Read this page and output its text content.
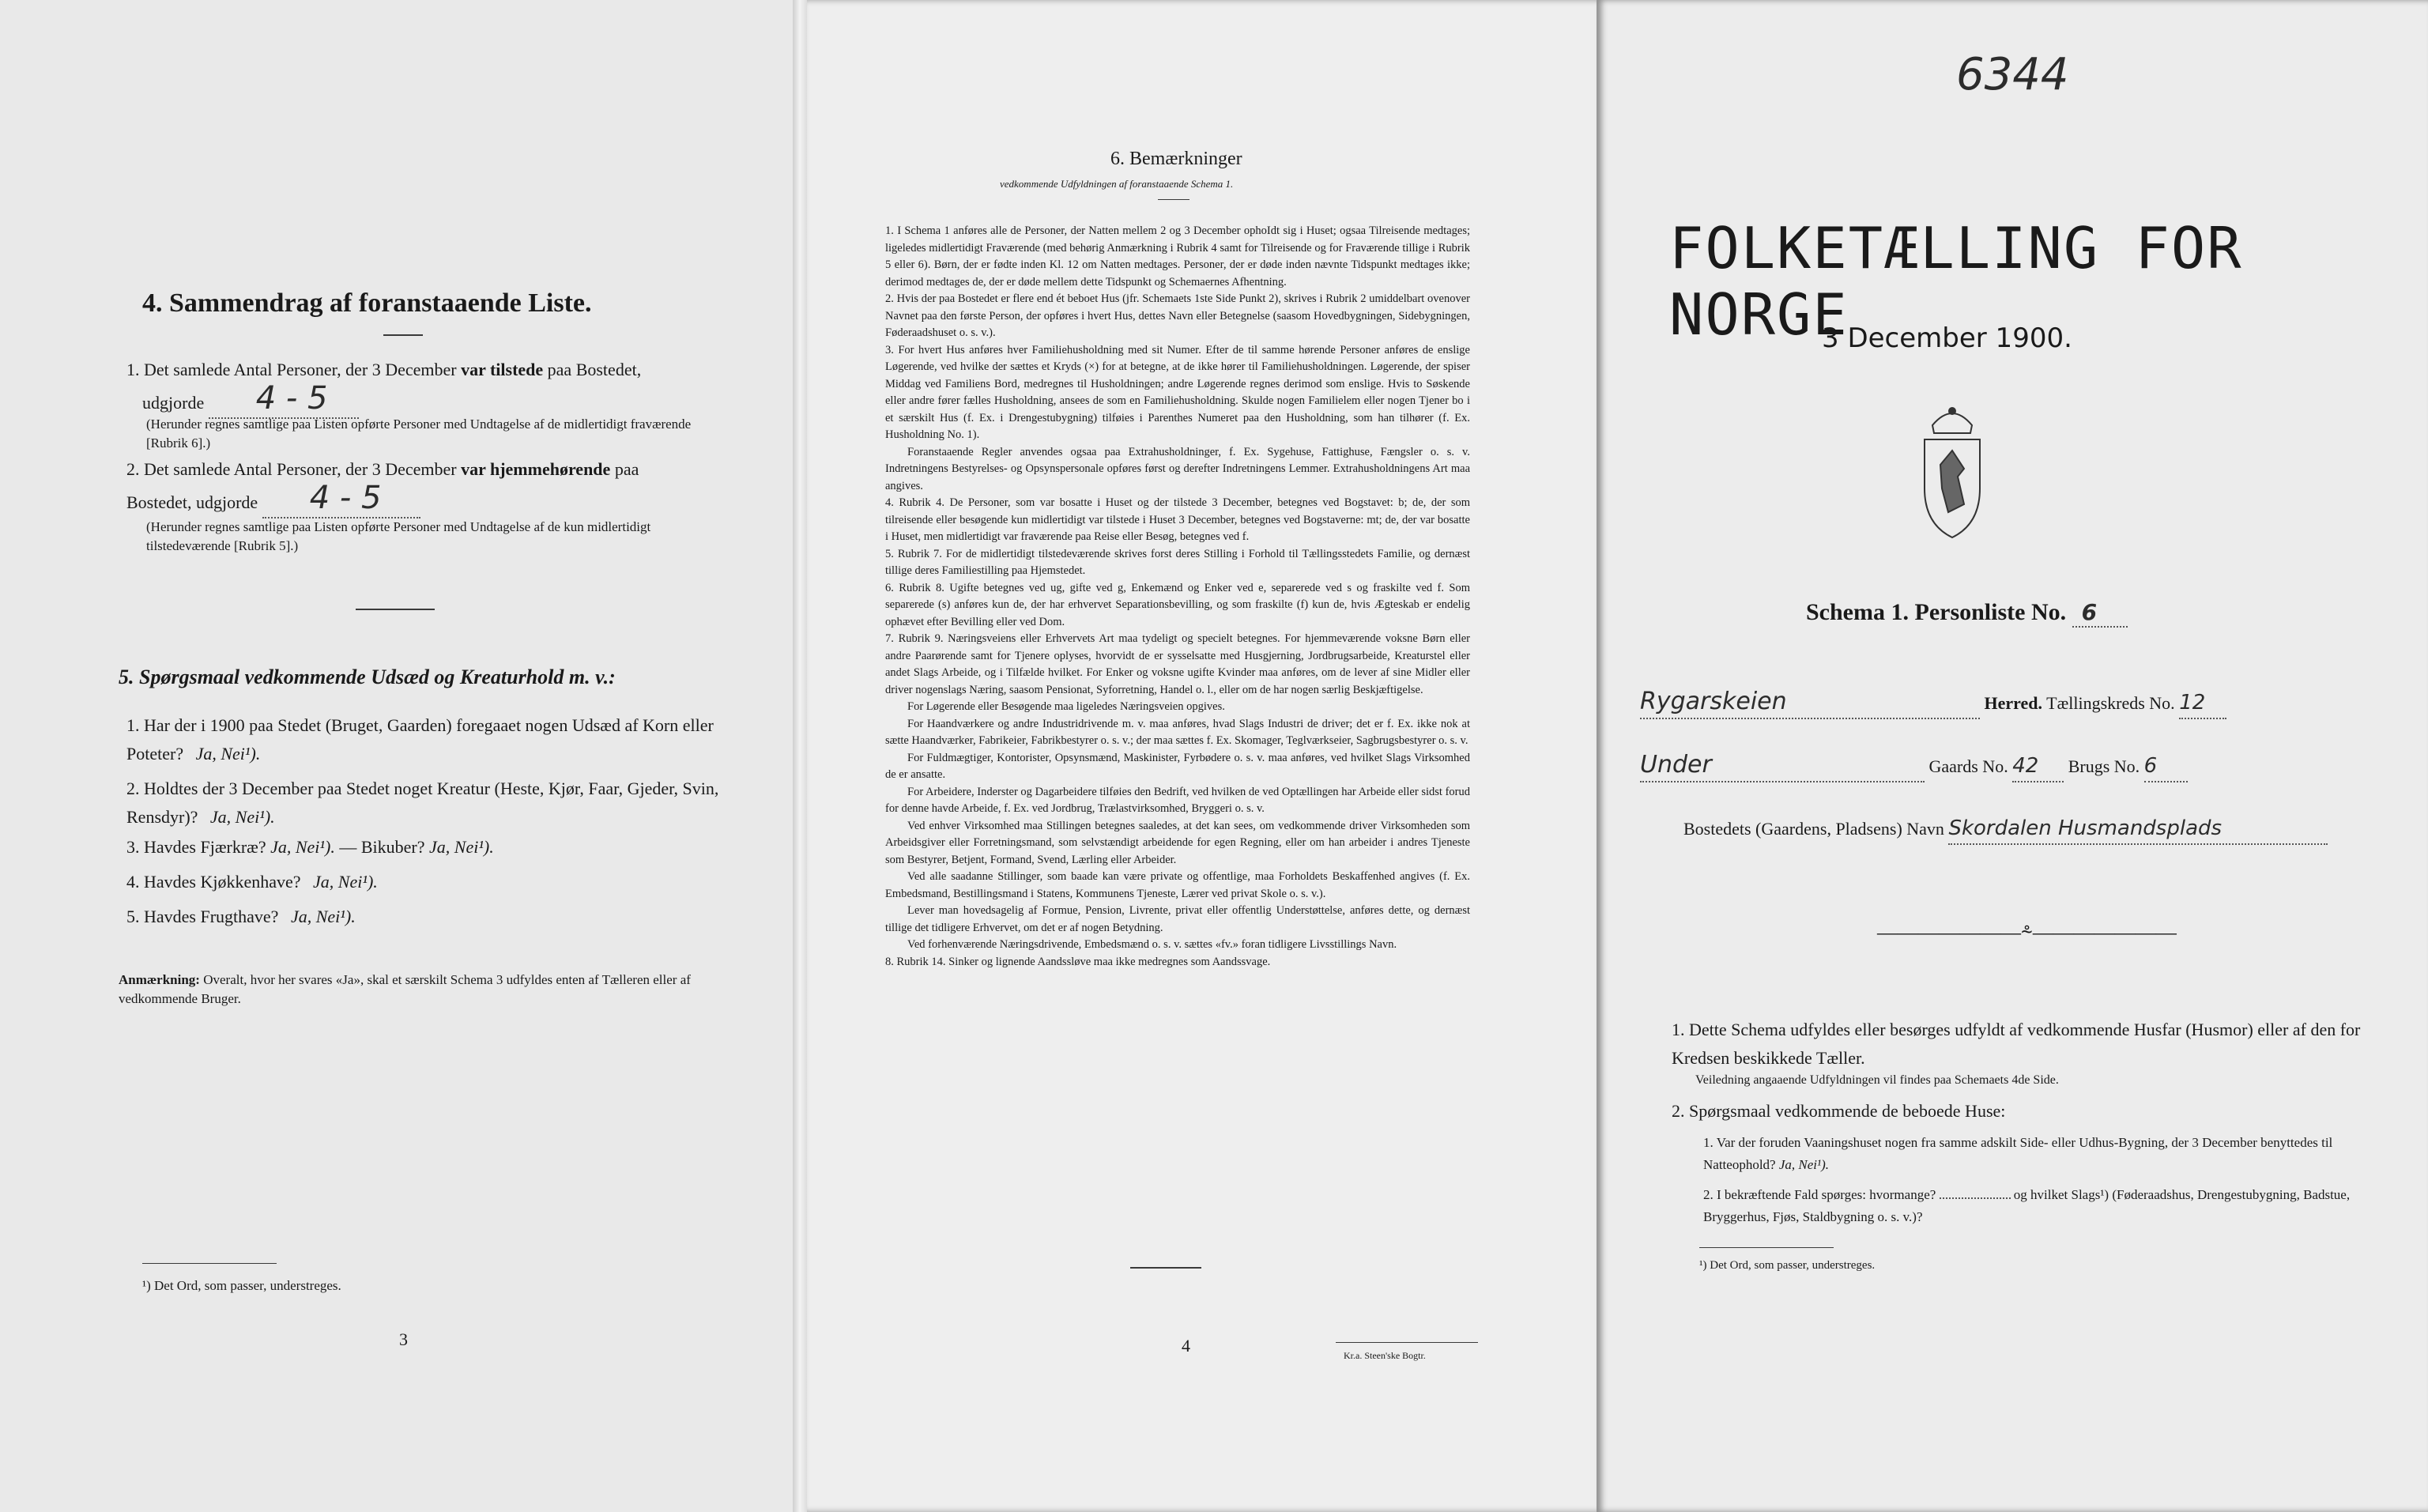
4. Sammendrag af foranstaaende Liste.
1. Det samlede Antal Personer, der 3 December var tilstede paa Bostedet,
udgjorde 4 - 5
(Herunder regnes samtlige paa Listen opførte Personer med Undtagelse af de midlertidigt fraværende [Rubrik 6].)
2. Det samlede Antal Personer, der 3 December var hjemmehørende paa
Bostedet, udgjorde 4 - 5
(Herunder regnes samtlige paa Listen opførte Personer med Undtagelse af de kun midlertidigt tilstedeværende [Rubrik 5].)
5. Spørgsmaal vedkommende Udsæd og Kreaturhold m. v.:
1. Har der i 1900 paa Stedet (Bruget, Gaarden) foregaaet nogen Udsæd af Korn eller Poteter? Ja, Nei¹).
2. Holdtes der 3 December paa Stedet noget Kreatur (Heste, Kjør, Faar, Gjeder, Svin, Rensdyr)? Ja, Nei¹).
3. Havdes Fjærkræ? Ja, Nei¹). — Bikuber? Ja, Nei¹).
4. Havdes Kjøkkenhave? Ja, Nei¹).
5. Havdes Frugthave? Ja, Nei¹).
Anmærkning: Overalt, hvor her svares «Ja», skal et særskilt Schema 3 udfyldes enten af Tælleren eller af vedkommende Bruger.
¹) Det Ord, som passer, understreges.
3
6. Bemærkninger
vedkommende Udfyldningen af foranstaaende Schema 1.

1. I Schema 1 anføres alle de Personer, der Natten mellem 2 og 3 December ophoIdt sig i Huset; ogsaa Tilreisende medtages; ligeledes midlertidigt Fraværende (med behørig Anmærkning i Rubrik 4 samt for Tilreisende og for Fraværende tillige i Rubrik 5 eller 6). Børn, der er fødte inden Kl. 12 om Natten medtages. Personer, der er døde inden nævnte Tidspunkt medtages ikke; derimod medtages de, der er døde mellem dette Tidspunkt og Schemaernes Afhentning.

2. Hvis der paa Bostedet er flere end ét beboet Hus (jfr. Schemaets 1ste Side Punkt 2), skrives i Rubrik 2 umiddelbart ovenover Navnet paa den første Person, der opføres i hvert Hus, dettes Navn eller Betegnelse (saasom Hovedbygningen, Sidebygningen, Føderaadshuset o. s. v.).

3. For hvert Hus anføres hver Familiehusholdning med sit Numer. Efter de til samme hørende Personer anføres de enslige Løgerende, ved hvilke der sættes et Kryds (×) for at betegne, at de ikke hører til Familiehusholdningen. Løgerende, der spiser Middag ved Familiens Bord, medregnes til Husholdningen; andre Løgerende regnes derimod som enslige. Hvis to Søskende eller andre fører fælles Husholdning, ansees de som en Familiehusholdning. Skulde nogen Familielem eller nogen Tjener bo i et særskilt Hus (f. Ex. i Drengestubygning) tilføies i Parenthes Numeret paa den Husholdning, som han tilhører (f. Ex. Husholdning No. 1).

Foranstaaende Regler anvendes ogsaa paa Extrahusholdninger, f. Ex. Sygehuse, Fattighuse, Fængsler o. s. v. Indretningens Bestyrelses- og Opsynspersonale opføres først og derefter Indretningens Lemmer. Extrahusholdningens Art maa angives.

4. Rubrik 4. De Personer, som var bosatte i Huset og der tilstede 3 December, betegnes ved Bogstavet: b; de, der som tilreisende eller besøgende kun midlertidigt var tilstede i Huset 3 December, betegnes ved Bogstaverne: mt; de, der var bosatte i Huset, men midlertidigt var fraværende paa Reise eller Besøg, betegnes ved f.

5. Rubrik 7. For de midlertidigt tilstedeværende skrives forst deres Stilling i Forhold til Tællingsstedets Familie, og dernæst tillige deres Familiestilling paa Hjemstedet.

6. Rubrik 8. Ugifte betegnes ved ug, gifte ved g, Enkemænd og Enker ved e, separerede ved s og fraskilte ved f. Som separerede (s) anføres kun de, der har erhvervet Separationsbevilling, og som fraskilte (f) kun de, hvis Ægteskab er endelig ophævet efter Bevilling eller ved Dom.

7. Rubrik 9. Næringsveiens eller Erhvervets Art maa tydeligt og specielt betegnes. For hjemmeværende voksne Børn eller andre Paarørende samt for Tjenere oplyses, hvorvidt de er sysselsatte med Husgjerning, Jordbrugsarbeide, Kreaturstel eller andet Slags Arbeide, og i Tilfælde hvilket. For Enker og voksne ugifte Kvinder maa anføres, om de lever af sine Midler eller driver nogenslags Næring, saasom Pensionat, Syforretning, Handel o. l., eller om de har nogen særlig Beskjæftigelse.

For Løgerende eller Besøgende maa ligeledes Næringsveien opgives.

For Haandværkere og andre Industridrivende m. v. maa anføres, hvad Slags Industri de driver; det er f. Ex. ikke nok at sætte Haandværker, Fabrikeier, Fabrikbestyrer o. s. v.; der maa sættes f. Ex. Skomager, Teglværkseier, Sagbrugsbestyrer o. s. v.

For Fuldmægtiger, Kontorister, Opsynsmænd, Maskinister, Fyrbødere o. s. v. maa anføres, ved hvilket Slags Virksomhed de er ansatte.

For Arbeidere, Inderster og Dagarbeidere tilføies den Bedrift, ved hvilken de ved Optællingen har Arbeide eller sidst forud for denne havde Arbeide, f. Ex. ved Jordbrug, Trælastvirksomhed, Bryggeri o. s. v.

Ved enhver Virksomhed maa Stillingen betegnes saaledes, at det kan sees, om vedkommende driver Virksomheden som Arbeidsgiver eller Forretningsmand, som selvstændigt arbeidende for egen Regning, eller om han arbeider i andres Tjeneste som Bestyrer, Betjent, Formand, Svend, Lærling eller Arbeider.

Ved alle saadanne Stillinger, som baade kan være private og offentlige, maa Forholdets Beskaffenhed angives (f. Ex. Embedsmand, Bestillingsmand i Statens, Kommunens Tjeneste, Lærer ved privat Skole o. s. v.).

Lever man hovedsagelig af Formue, Pension, Livrente, privat eller offentlig Understøttelse, anføres dette, og dernæst tillige det tidligere Erhvervet, om det er af nogen Betydning.

Ved forhenværende Næringsdrivende, Embedsmænd o. s. v. sættes «fv.» foran tidligere Livsstillings Navn.

8. Rubrik 14. Sinker og lignende Aandssløve maa ikke medregnes som Aandssvage.

4	Kr.a. Steen'ske Bogtr.
6344
FOLKETÆLLING FOR NORGE
3 December 1900.
Schema 1. Personliste No. 6
Rygarskeien	Herred. Tællingskreds No. 12
Under	Gaards No. 42 Brugs No. 6
Bostedets (Gaardens, Pladsens) Navn Skordalen Husmandsplads
———————⸛———————
1. Dette Schema udfyldes eller besørges udfyldt af vedkommende Husfar (Husmor) eller af den for Kredsen beskikkede Tæller.
Veiledning angaaende Udfyldningen vil findes paa Schemaets 4de Side.
2. Spørgsmaal vedkommende de beboede Huse:
1. Var der foruden Vaaningshuset nogen fra samme adskilt Side- eller Udhus-Bygning, der 3 December benyttedes til Natteophold? Ja, Nei¹).
2. I bekræftende Fald spørges: hvormange?	og hvilket Slags¹) (Føderaadshus, Drengestubygning, Badstue, Bryggerhus, Fjøs, Staldbygning o. s. v.)?
¹) Det Ord, som passer, understreges.
